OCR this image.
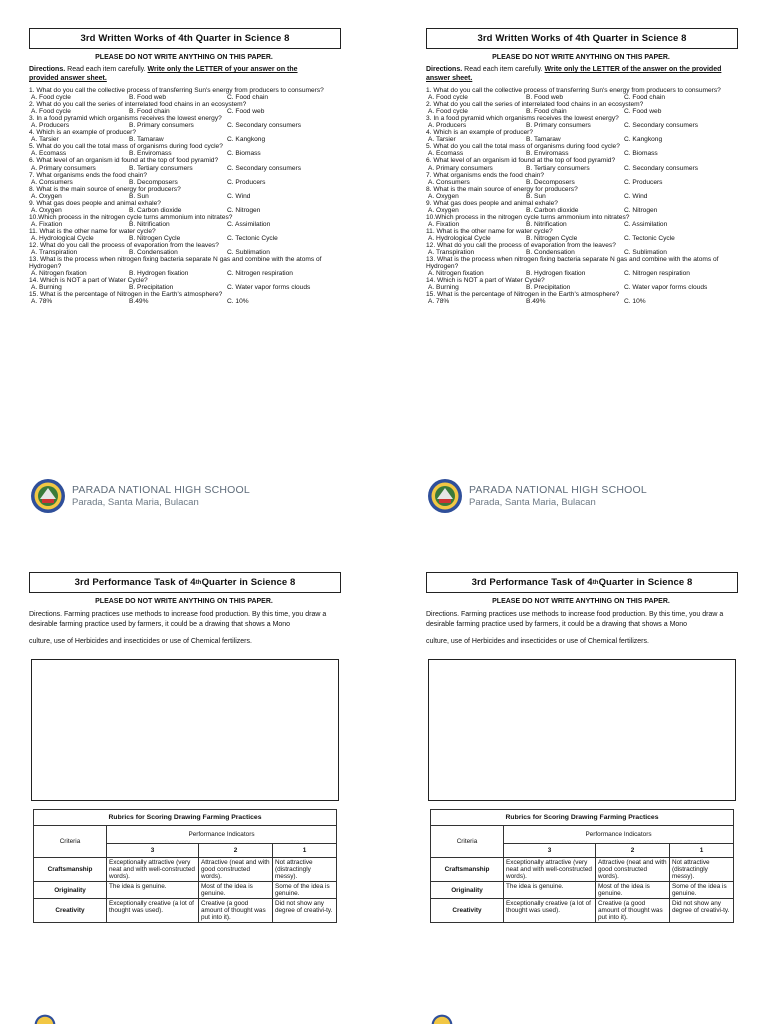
3rd Written Works of 4th Quarter in Science 8
PLEASE DO NOT WRITE ANYTHING ON THIS PAPER.
Directions. Read each item carefully. Write only the LETTER of your answer on the provided answer sheet.
1. What do you call the collective process of transferring Sun's energy from producers to consumers?
A. Food cycle	B. Food web	C. Food chain
2. What do you call the series of interrelated food chains in an ecosystem?
A. Food cycle	B. Food chain	C. Food web
3. In a food pyramid which organisms receives the lowest energy?
A. Producers	B. Primary consumers	C. Secondary consumers
4. Which is an example of producer?
A. Tarsier	B. Tamaraw	C. Kangkong
5. What do you call the total mass of organisms during food cycle?
A. Ecomass	B. Enviromass	C. Biomass
6. What level of an organism id found at the top of food pyramid?
A. Primary consumers	B. Tertiary consumers	C. Secondary consumers
7. What organisms ends the food chain?
A. Consumers	B. Decomposers	C. Producers
8. What is the main source of energy for producers?
A. Oxygen	B. Sun	C. Wind
9. What gas does people and animal exhale?
A. Oxygen	B. Carbon dioxide	C. Nitrogen
10.Which process in the nitrogen cycle turns ammonium into nitrates?
A. Fixation	B. Nitrification	C. Assimilation
11. What is the other name for water cycle?
A. Hydrological Cycle	B. Nitrogen Cycle	C. Tectonic Cycle
12. What do you call the process of evaporation from the leaves?
A. Transpiration	B. Condensation	C. Sublimation
13. What is the process when nitrogen fixing bacteria separate N gas and combine with the atoms of Hydrogen?
A. Nitrogen fixation	B. Hydrogen fixation	C. Nitrogen respiration
14. Which is NOT a part of Water Cycle?
A. Burning	B. Precipitation	C. Water vapor forms clouds
15. What is the percentage of Nitrogen in the Earth's atmosphere?
A. 78%	B.49%	C. 10%
3rd Written Works of 4th Quarter in Science 8
PLEASE DO NOT WRITE ANYTHING ON THIS PAPER.
Directions. Read each item carefully. Write only the LETTER of the answer on the provided answer sheet.
1. What do you call the collective process of transferring Sun's energy from producers to consumers?
A. Food cycle	B. Food web	C. Food chain
2. What do you call the series of interrelated food chains in an ecosystem?
A. Food cycle	B. Food chain	C. Food web
3. In a food pyramid which organisms receives the lowest energy?
A. Producers	B. Primary consumers	C. Secondary consumers
4. Which is an example of producer?
A. Tarsier	B. Tamaraw	C. Kangkong
5. What do you call the total mass of organisms during food cycle?
A. Ecomass	B. Enviromass	C. Biomass
6. What level of an organism id found at the top of food pyramid?
A. Primary consumers	B. Tertiary consumers	C. Secondary consumers
7. What organisms ends the food chain?
A. Consumers	B. Decomposers	C. Producers
8. What is the main source of energy for producers?
A. Oxygen	B. Sun	C. Wind
9. What gas does people and animal exhale?
A. Oxygen	B. Carbon dioxide	C. Nitrogen
10.Which process in the nitrogen cycle turns ammonium into nitrates?
A. Fixation	B. Nitrification	C. Assimilation
11. What is the other name for water cycle?
A. Hydrological Cycle	B. Nitrogen Cycle	C. Tectonic Cycle
12. What do you call the process of evaporation from the leaves?
A. Transpiration	B. Condensation	C. Sublimation
13. What is the process when nitrogen fixing bacteria separate N gas and combine with the atoms of Hydrogen?
A. Nitrogen fixation	B. Hydrogen fixation	C. Nitrogen respiration
14. Which is NOT a part of Water Cycle?
A. Burning	B. Precipitation	C. Water vapor forms clouds
15. What is the percentage of Nitrogen in the Earth's atmosphere?
A. 78%	B.49%	C. 10%
PARADA NATIONAL HIGH SCHOOL
Parada, Santa Maria, Bulacan
PARADA NATIONAL HIGH SCHOOL
Parada, Santa Maria, Bulacan
3rd Performance Task of 4 th Quarter in Science 8
PLEASE DO NOT WRITE ANYTHING ON THIS PAPER.
Directions. Farming practices use methods to increase food production. By this time, you draw a desirable farming practice used by farmers, it could be a drawing that shows a Mono
culture, use of Herbicides and insecticides or use of Chemical fertilizers.
Rubrics for Scoring Drawing Farming Practices			
Criteria	Performance Indicators		
	3	2	1
Craftsmanship	Exceptionally attractive (very neat and with well-constructed words).	Attractive (neat and with good constructed words).	Not attractive (distractingly messy).
Originality	The idea is genuine.	Most of the idea is genuine.	Some of the idea is genuine.
Creativity	Exceptionally creative (a lot of thought was used).	Creative (a good amount of thought was put into it).	Did not show any degree of creativi-ty.
3rd Performance Task of 4 th Quarter in Science 8
PLEASE DO NOT WRITE ANYTHING ON THIS PAPER.
Directions. Farming practices use methods to increase food production. By this time, you draw a desirable farming practice used by farmers, it could be a drawing that shows a Mono
culture, use of Herbicides and insecticides or use of Chemical fertilizers.
Rubrics for Scoring Drawing Farming Practices			
Criteria	Performance Indicators		
	3	2	1
Craftsmanship	Exceptionally attractive (very neat and with well-constructed words).	Attractive (neat and with good constructed words).	Not attractive (distractingly messy).
Originality	The idea is genuine.	Most of the idea is genuine.	Some of the idea is genuine.
Creativity	Exceptionally creative (a lot of thought was used).	Creative (a good amount of thought was put into it).	Did not show any degree of creativi-ty.
